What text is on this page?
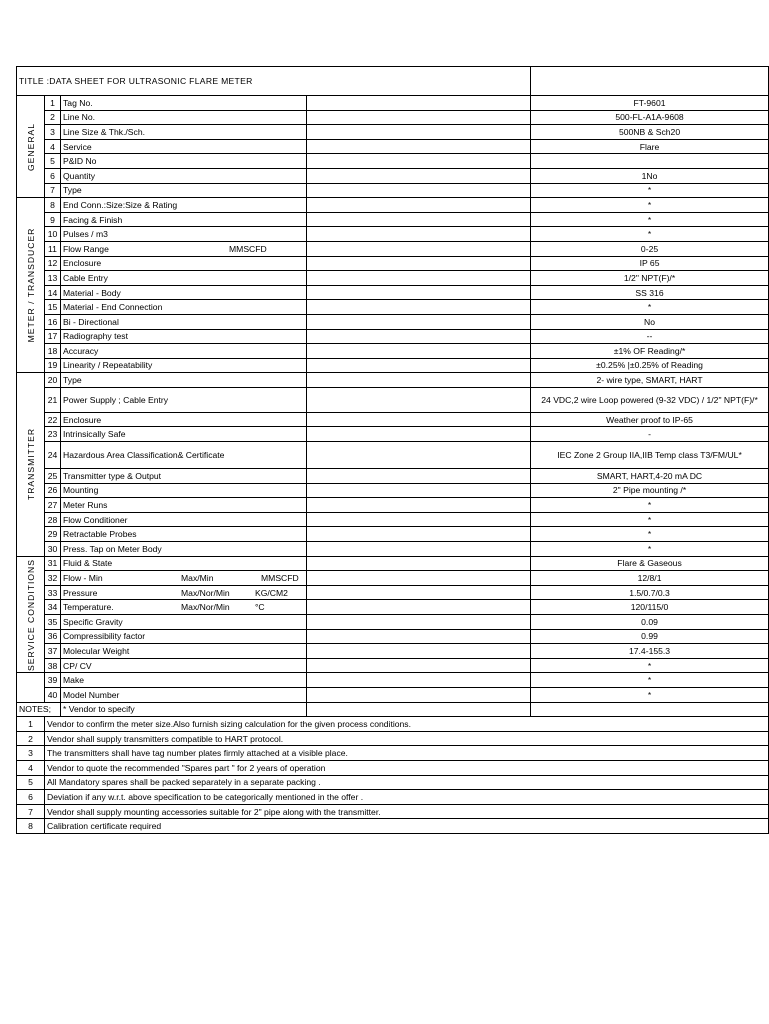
TITLE :DATA SHEET FOR ULTRASONIC FLARE METER				

GENERAL	1	Tag No.		FT-9601
	2	Line No.		500-FL-A1A-9608
	3	Line Size & Thk./Sch.		500NB & Sch20
	4	Service		Flare
	5	P&ID No		
	6	Quantity		1No
	7	Type		*

METER / TRANSDUCER	8	End Conn.:Size:Size & Rating		*
	9	Facing & Finish		*
	10	Pulses / m3		*
	11	Flow Range MMSCFD		0-25
	12	Enclosure		IP 65
	13	Cable Entry		1/2" NPT(F)/*
	14	Material - Body		SS 316
	15	Material - End Connection		*
	16	Bi - Directional		No
	17	Radiography test		--
	18	Accuracy		±1% OF Reading/*
	19	Linearity / Repeatability		±0.25% |±0.25% of Reading

TRANSMITTER	20	Type		2- wire type, SMART, HART
	21	Power Supply ; Cable Entry		24 VDC,2 wire Loop powered (9-32 VDC) / 1/2" NPT(F)/*
	22	Enclosure		Weather proof to IP-65
	23	Intrinsically Safe		-
	24	Hazardous Area Classification& Certificate		IEC Zone 2 Group IIA,IIB Temp class T3/FM/UL*
	25	Transmitter type & Output		SMART, HART,4-20 mA DC
	26	Mounting		2" Pipe mounting /*
	27	Meter Runs		*
	28	Flow Conditioner		*
	29	Retractable Probes		*
	30	Press. Tap on Meter Body		*

SERVICE CONDITIONS	31	Fluid & State		Flare & Gaseous
	32	Flow - Min Max/Min MMSCFD		12/8/1
	33	Pressure Max/Nor/Min KG/CM2		1.5/0.7/0.3
	34	Temperature. Max/Nor/Min °C		120/115/0
	35	Specific Gravity		0.09
	36	Compressibility factor		0.99
	37	Molecular Weight		17.4-155.3
	38	CP/ CV		*
	39	Make		*
	40	Model Number		*
NOTES;		* Vendor to specify		
1	Vendor to confirm the meter size.Also furnish sizing calculation for the given process conditions.			
2	Vendor shall supply transmitters compatible to HART protocol.			
3	The transmitters shall have tag number plates firmly attached at a visible place.			
4	Vendor to quote the recommended "Spares part " for 2 years of operation			
5	All Mandatory spares shall be packed separately in a separate packing .			
6	Deviation if any w.r.t. above specification to be categorically mentioned in the offer .			
7	Vendor shall supply mounting accessories suitable for 2" pipe along with the transmitter.			
8	Calibration certificate required			
